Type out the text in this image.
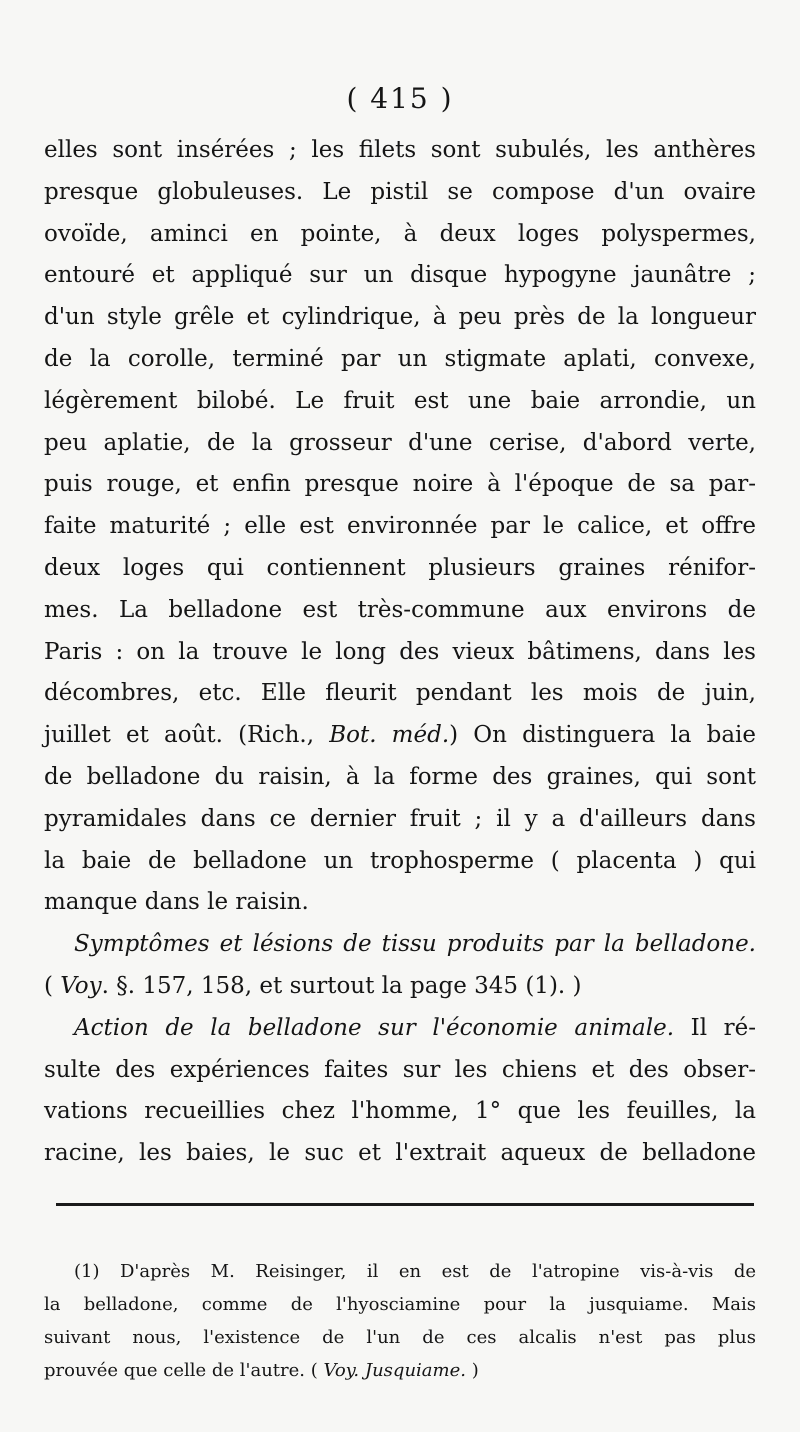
( 415 )
elles sont insérées ; les filets sont subulés, les anthères
presque globuleuses. Le pistil se compose d'un ovaire
ovoïde, aminci en pointe, à deux loges polyspermes,
entouré et appliqué sur un disque hypogyne jaunâtre ;
d'un style grêle et cylindrique, à peu près de la longueur
de la corolle, terminé par un stigmate aplati, convexe,
légèrement bilobé. Le fruit est une baie arrondie, un
peu aplatie, de la grosseur d'une cerise, d'abord verte,
puis rouge, et enfin presque noire à l'époque de sa par-
faite maturité ; elle est environnée par le calice, et offre
deux loges qui contiennent plusieurs graines rénifor-
mes. La belladone est très-commune aux environs de
Paris : on la trouve le long des vieux bâtimens, dans les
décombres, etc. Elle fleurit pendant les mois de juin,
juillet et août. (Rich., Bot. méd.) On distinguera la baie
de belladone du raisin, à la forme des graines, qui sont
pyramidales dans ce dernier fruit ; il y a d'ailleurs dans
la baie de belladone un trophosperme ( placenta ) qui
manque dans le raisin.
Symptômes et lésions de tissu produits par la belladone.
( Voy. §. 157, 158, et surtout la page 345 (1). )
Action de la belladone sur l'économie animale. Il ré-
sulte des expériences faites sur les chiens et des obser-
vations recueillies chez l'homme, 1° que les feuilles, la
racine, les baies, le suc et l'extrait aqueux de belladone
(1) D'après M. Reisinger, il en est de l'atropine vis-à-vis de
la belladone, comme de l'hyosciamine pour la jusquiame. Mais
suivant nous, l'existence de l'un de ces alcalis n'est pas plus
prouvée que celle de l'autre. ( Voy. Jusquiame. )
